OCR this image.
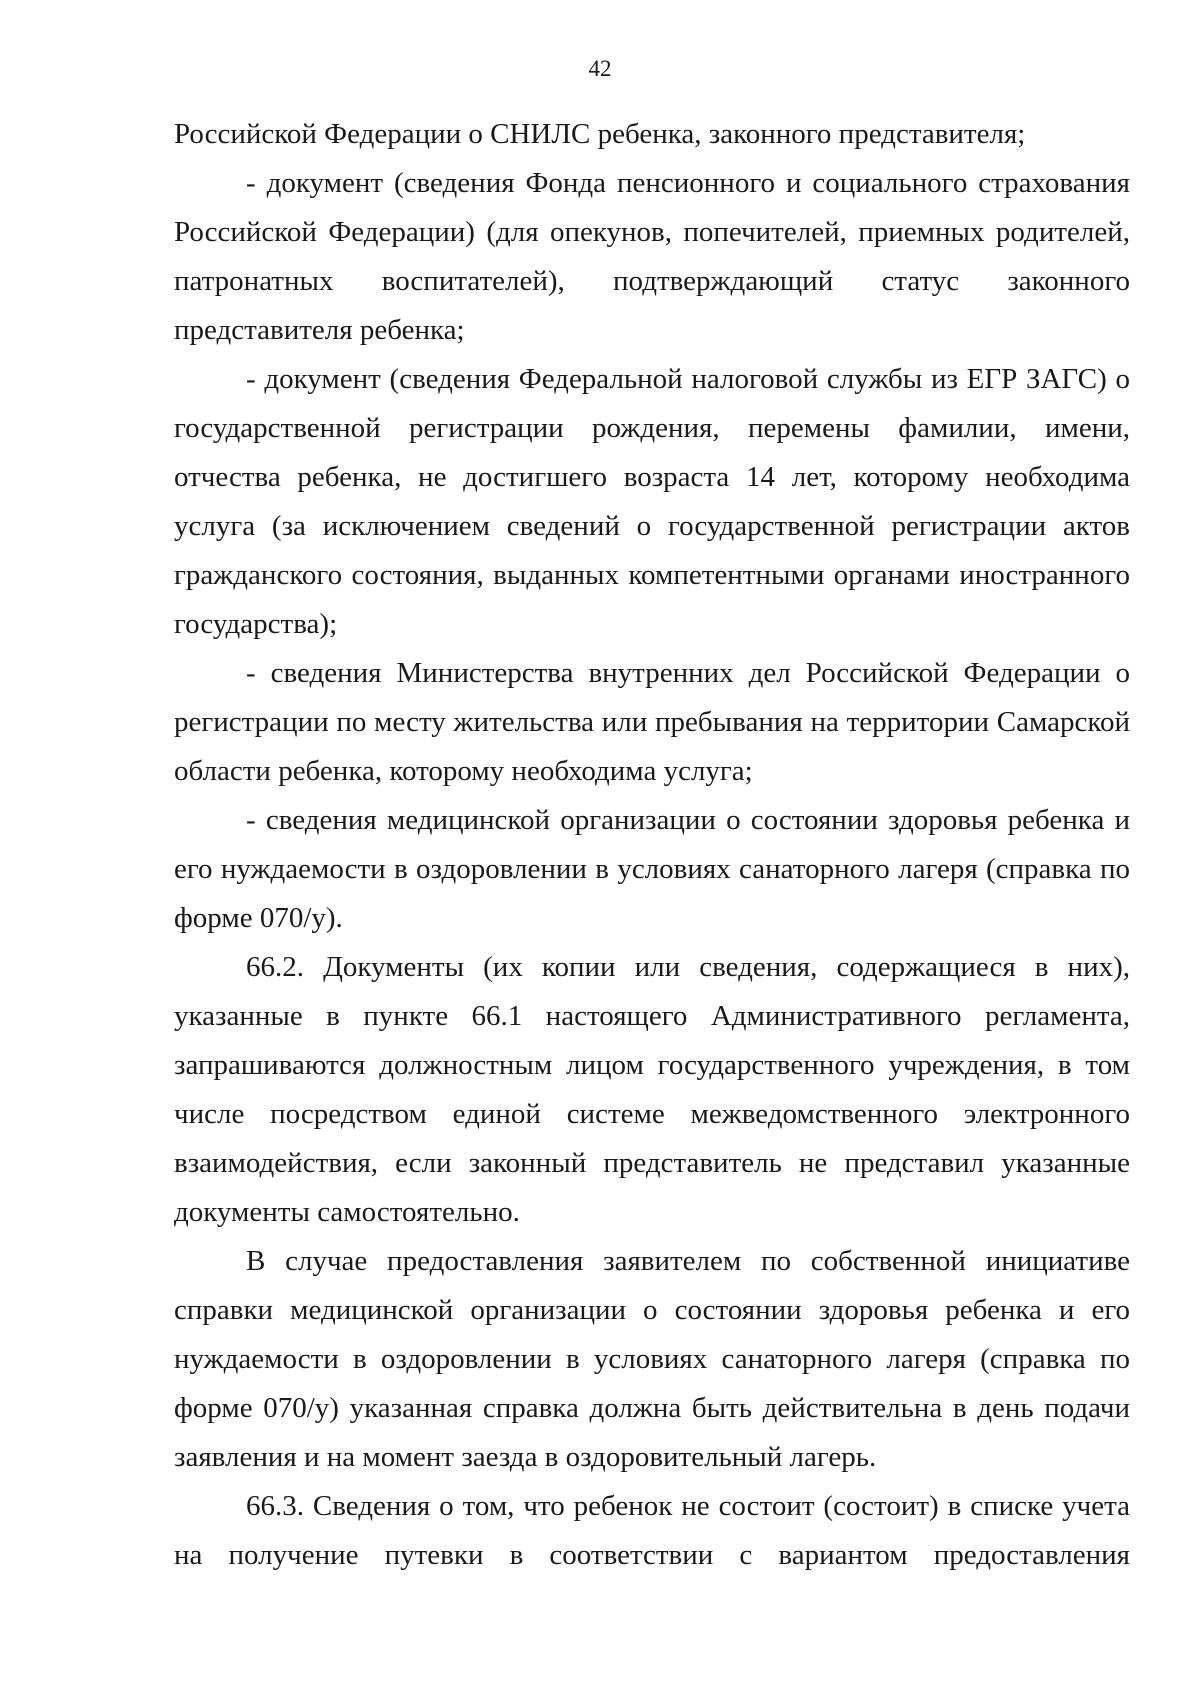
42

Российской Федерации о СНИЛС ребенка, законного представителя;

- документ (сведения Фонда пенсионного и социального страхования Российской Федерации) (для опекунов, попечителей, приемных родителей, патронатных воспитателей), подтверждающий статус законного представителя ребенка;

- документ (сведения Федеральной налоговой службы из ЕГР ЗАГС) о государственной регистрации рождения, перемены фамилии, имени, отчества ребенка, не достигшего возраста 14 лет, которому необходима услуга (за исключением сведений о государственной регистрации актов гражданского состояния, выданных компетентными органами иностранного государства);

- сведения Министерства внутренних дел Российской Федерации о регистрации по месту жительства или пребывания на территории Самарской области ребенка, которому необходима услуга;

- сведения медицинской организации о состоянии здоровья ребенка и его нуждаемости в оздоровлении в условиях санаторного лагеря (справка по форме 070/у).

66.2. Документы (их копии или сведения, содержащиеся в них), указанные в пункте 66.1 настоящего Административного регламента, запрашиваются должностным лицом государственного учреждения, в том числе посредством единой системе межведомственного электронного взаимодействия, если законный представитель не представил указанные документы самостоятельно.

В случае предоставления заявителем по собственной инициативе справки медицинской организации о состоянии здоровья ребенка и его нуждаемости в оздоровлении в условиях санаторного лагеря (справка по форме 070/у) указанная справка должна быть действительна в день подачи заявления и на момент заезда в оздоровительный лагерь.

66.3. Сведения о том, что ребенок не состоит (состоит) в списке учета на получение путевки в соответствии с вариантом предоставления
